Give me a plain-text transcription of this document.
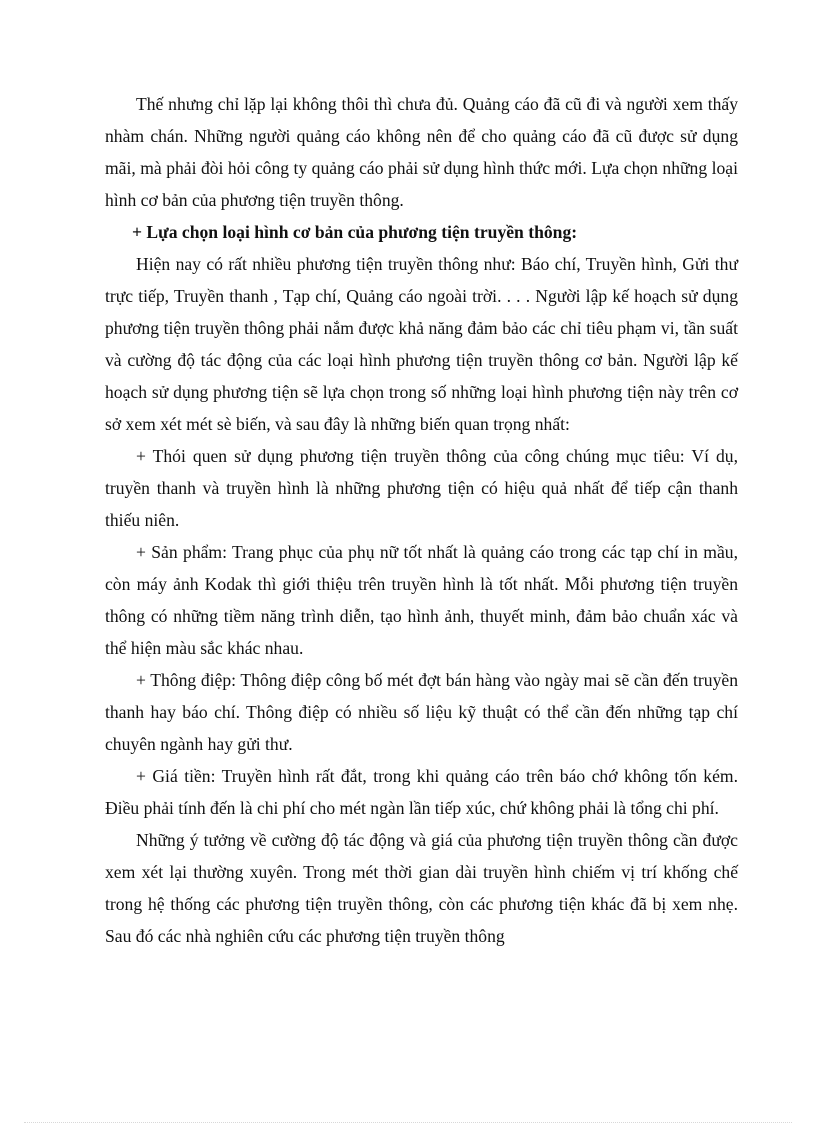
Thế nhưng chỉ lặp lại không thôi thì chưa đủ. Quảng cáo đã cũ đi và người xem thấy nhàm chán. Những người quảng cáo không nên để cho quảng cáo đã cũ được sử dụng mãi, mà phải đòi hỏi công ty quảng cáo phải sử dụng hình thức mới. Lựa chọn những loại hình cơ bản của phương tiện truyền thông.

+ Lựa chọn loại hình cơ bản của phương tiện truyền thông:

Hiện nay có rất nhiều phương tiện truyền thông như: Báo chí, Truyền hình, Gửi thư trực tiếp, Truyền thanh , Tạp chí, Quảng cáo ngoài trời. . . . Người lập kế hoạch sử dụng phương tiện truyền thông phải nắm được khả năng đảm bảo các chỉ tiêu phạm vi, tần suất và cường độ tác động của các loại hình phương tiện truyền thông cơ bản. Người lập kế hoạch sử dụng phương tiện sẽ lựa chọn trong số những loại hình phương tiện này trên cơ sở xem xét mét sè biến, và sau đây là những biến quan trọng nhất:

+ Thói quen sử dụng phương tiện truyền thông của công chúng mục tiêu: Ví dụ, truyền thanh và truyền hình là những phương tiện có hiệu quả nhất để tiếp cận thanh thiếu niên.

+ Sản phẩm: Trang phục của phụ nữ tốt nhất là quảng cáo trong các tạp chí in mầu, còn máy ảnh Kodak thì giới thiệu trên truyền hình là tốt nhất. Mỗi phương tiện truyền thông có những tiềm năng trình diễn, tạo hình ảnh, thuyết minh, đảm bảo chuẩn xác và thể hiện màu sắc khác nhau.

+ Thông điệp: Thông điệp công bố mét đợt bán hàng vào ngày mai sẽ cần đến truyền thanh hay báo chí. Thông điệp có nhiều số liệu kỹ thuật có thể cần đến những tạp chí chuyên ngành hay gửi thư.

+ Giá tiền: Truyền hình rất đắt, trong khi quảng cáo trên báo chớ không tốn kém. Điều phải tính đến là chi phí cho mét ngàn lần tiếp xúc, chứ không phải là tổng chi phí.

Những ý tưởng về cường độ tác động và giá của phương tiện truyền thông cần được xem xét lại thường xuyên. Trong mét thời gian dài truyền hình chiếm vị trí khống chế trong hệ thống các phương tiện truyền thông, còn các phương tiện khác đã bị xem nhẹ. Sau đó các nhà nghiên cứu các phương tiện truyền thông
